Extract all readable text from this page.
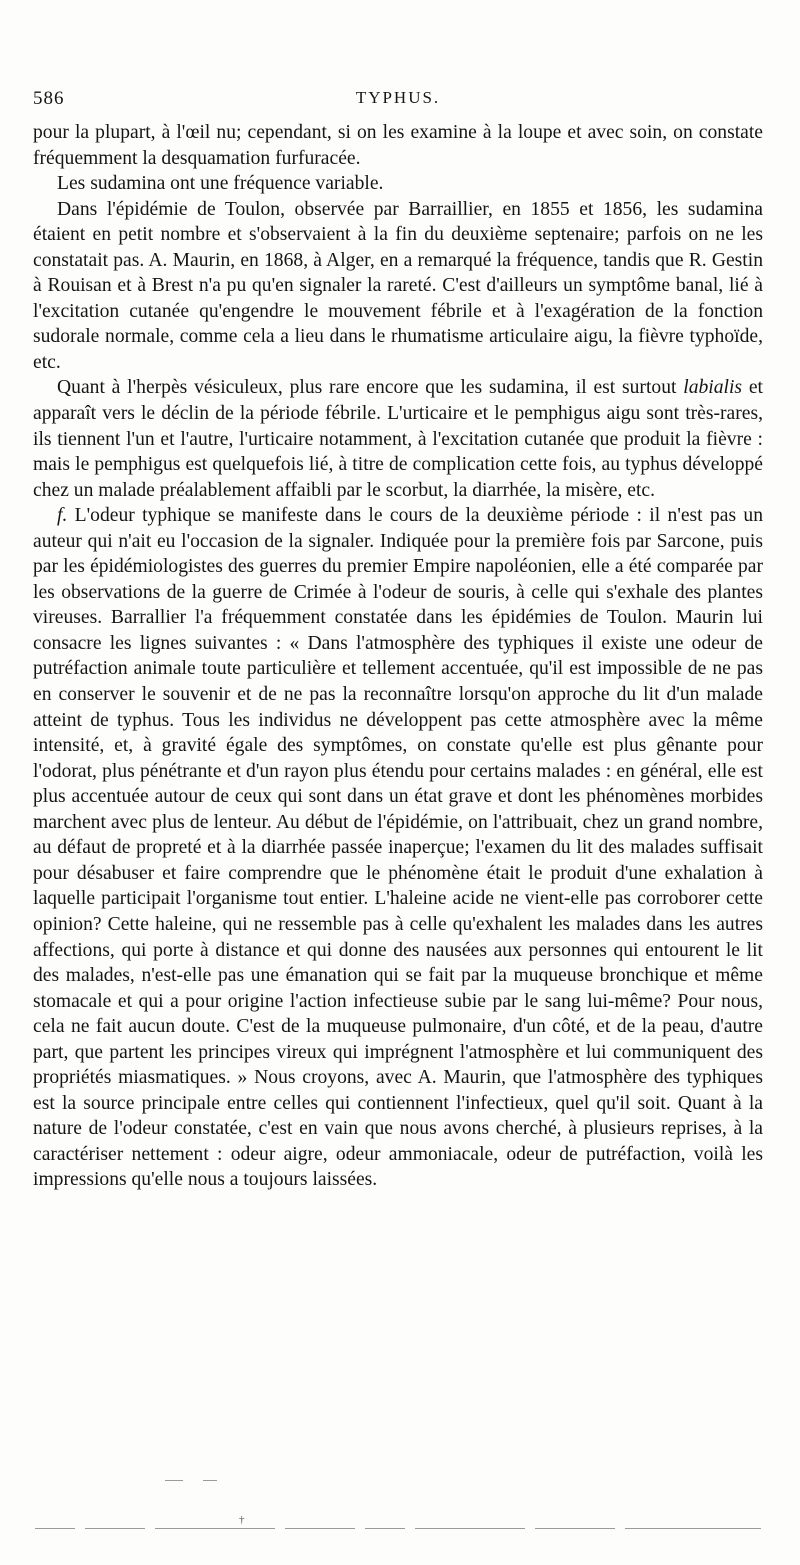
586	TYPHUS.

pour la plupart, à l'œil nu; cependant, si on les examine à la loupe et avec soin, on constate fréquemment la desquamation furfuracée.

Les sudamina ont une fréquence variable.

Dans l'épidémie de Toulon, observée par Barraillier, en 1855 et 1856, les sudamina étaient en petit nombre et s'observaient à la fin du deuxième septenaire; parfois on ne les constatait pas. A. Maurin, en 1868, à Alger, en a remarqué la fréquence, tandis que R. Gestin à Rouisan et à Brest n'a pu qu'en signaler la rareté. C'est d'ailleurs un symptôme banal, lié à l'excitation cutanée qu'engendre le mouvement fébrile et à l'exagération de la fonction sudorale normale, comme cela a lieu dans le rhumatisme articulaire aigu, la fièvre typhoïde, etc.

Quant à l'herpès vésiculeux, plus rare encore que les sudamina, il est surtout labialis et apparaît vers le déclin de la période fébrile. L'urticaire et le pemphigus aigu sont très-rares, ils tiennent l'un et l'autre, l'urticaire notamment, à l'excitation cutanée que produit la fièvre : mais le pemphigus est quelquefois lié, à titre de complication cette fois, au typhus développé chez un malade préalablement affaibli par le scorbut, la diarrhée, la misère, etc.

f. L'odeur typhique se manifeste dans le cours de la deuxième période : il n'est pas un auteur qui n'ait eu l'occasion de la signaler. Indiquée pour la première fois par Sarcone, puis par les épidémiologistes des guerres du premier Empire napoléonien, elle a été comparée par les observations de la guerre de Crimée à l'odeur de souris, à celle qui s'exhale des plantes vireuses. Barrallier l'a fréquemment constatée dans les épidémies de Toulon. Maurin lui consacre les lignes suivantes : « Dans l'atmosphère des typhiques il existe une odeur de putréfaction animale toute particulière et tellement accentuée, qu'il est impossible de ne pas en conserver le souvenir et de ne pas la reconnaître lorsqu'on approche du lit d'un malade atteint de typhus. Tous les individus ne développent pas cette atmosphère avec la même intensité, et, à gravité égale des symptômes, on constate qu'elle est plus gênante pour l'odorat, plus pénétrante et d'un rayon plus étendu pour certains malades : en général, elle est plus accentuée autour de ceux qui sont dans un état grave et dont les phénomènes morbides marchent avec plus de lenteur. Au début de l'épidémie, on l'attribuait, chez un grand nombre, au défaut de propreté et à la diarrhée passée inaperçue; l'examen du lit des malades suffisait pour désabuser et faire comprendre que le phénomène était le produit d'une exhalation à laquelle participait l'organisme tout entier. L'haleine acide ne vient-elle pas corroborer cette opinion? Cette haleine, qui ne ressemble pas à celle qu'exhalent les malades dans les autres affections, qui porte à distance et qui donne des nausées aux personnes qui entourent le lit des malades, n'est-elle pas une émanation qui se fait par la muqueuse bronchique et même stomacale et qui a pour origine l'action infectieuse subie par le sang lui-même? Pour nous, cela ne fait aucun doute. C'est de la muqueuse pulmonaire, d'un côté, et de la peau, d'autre part, que partent les principes vireux qui imprégnent l'atmosphère et lui communiquent des propriétés miasmatiques. » Nous croyons, avec A. Maurin, que l'atmosphère des typhiques est la source principale entre celles qui contiennent l'infectieux, quel qu'il soit. Quant à la nature de l'odeur constatée, c'est en vain que nous avons cherché, à plusieurs reprises, à la caractériser nettement : odeur aigre, odeur ammoniacale, odeur de putréfaction, voilà les impressions qu'elle nous a toujours laissées.

†
